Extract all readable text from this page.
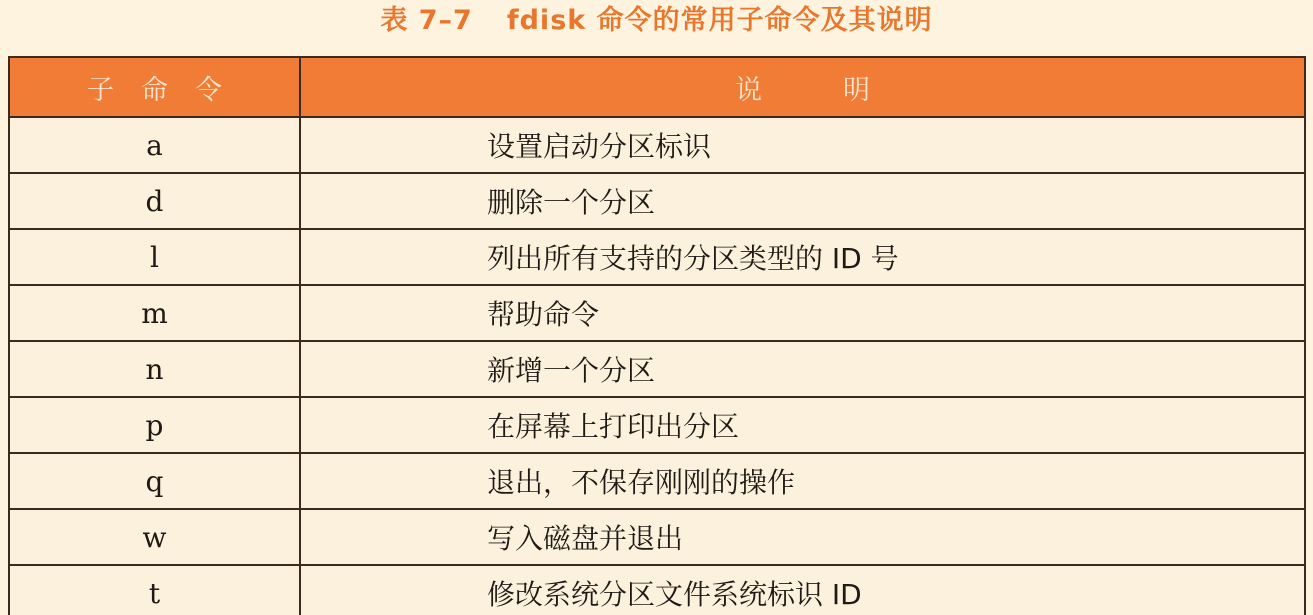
表 7–7 fdisk 命令的常用子命令及其说明
子　命　令	说　　　明
a	设置启动分区标识
d	删除一个分区
l	列出所有支持的分区类型的 ID 号
m	帮助命令
n	新增一个分区
p	在屏幕上打印出分区
q	退出，不保存刚刚的操作
w	写入磁盘并退出
t	修改系统分区文件系统标识 ID
